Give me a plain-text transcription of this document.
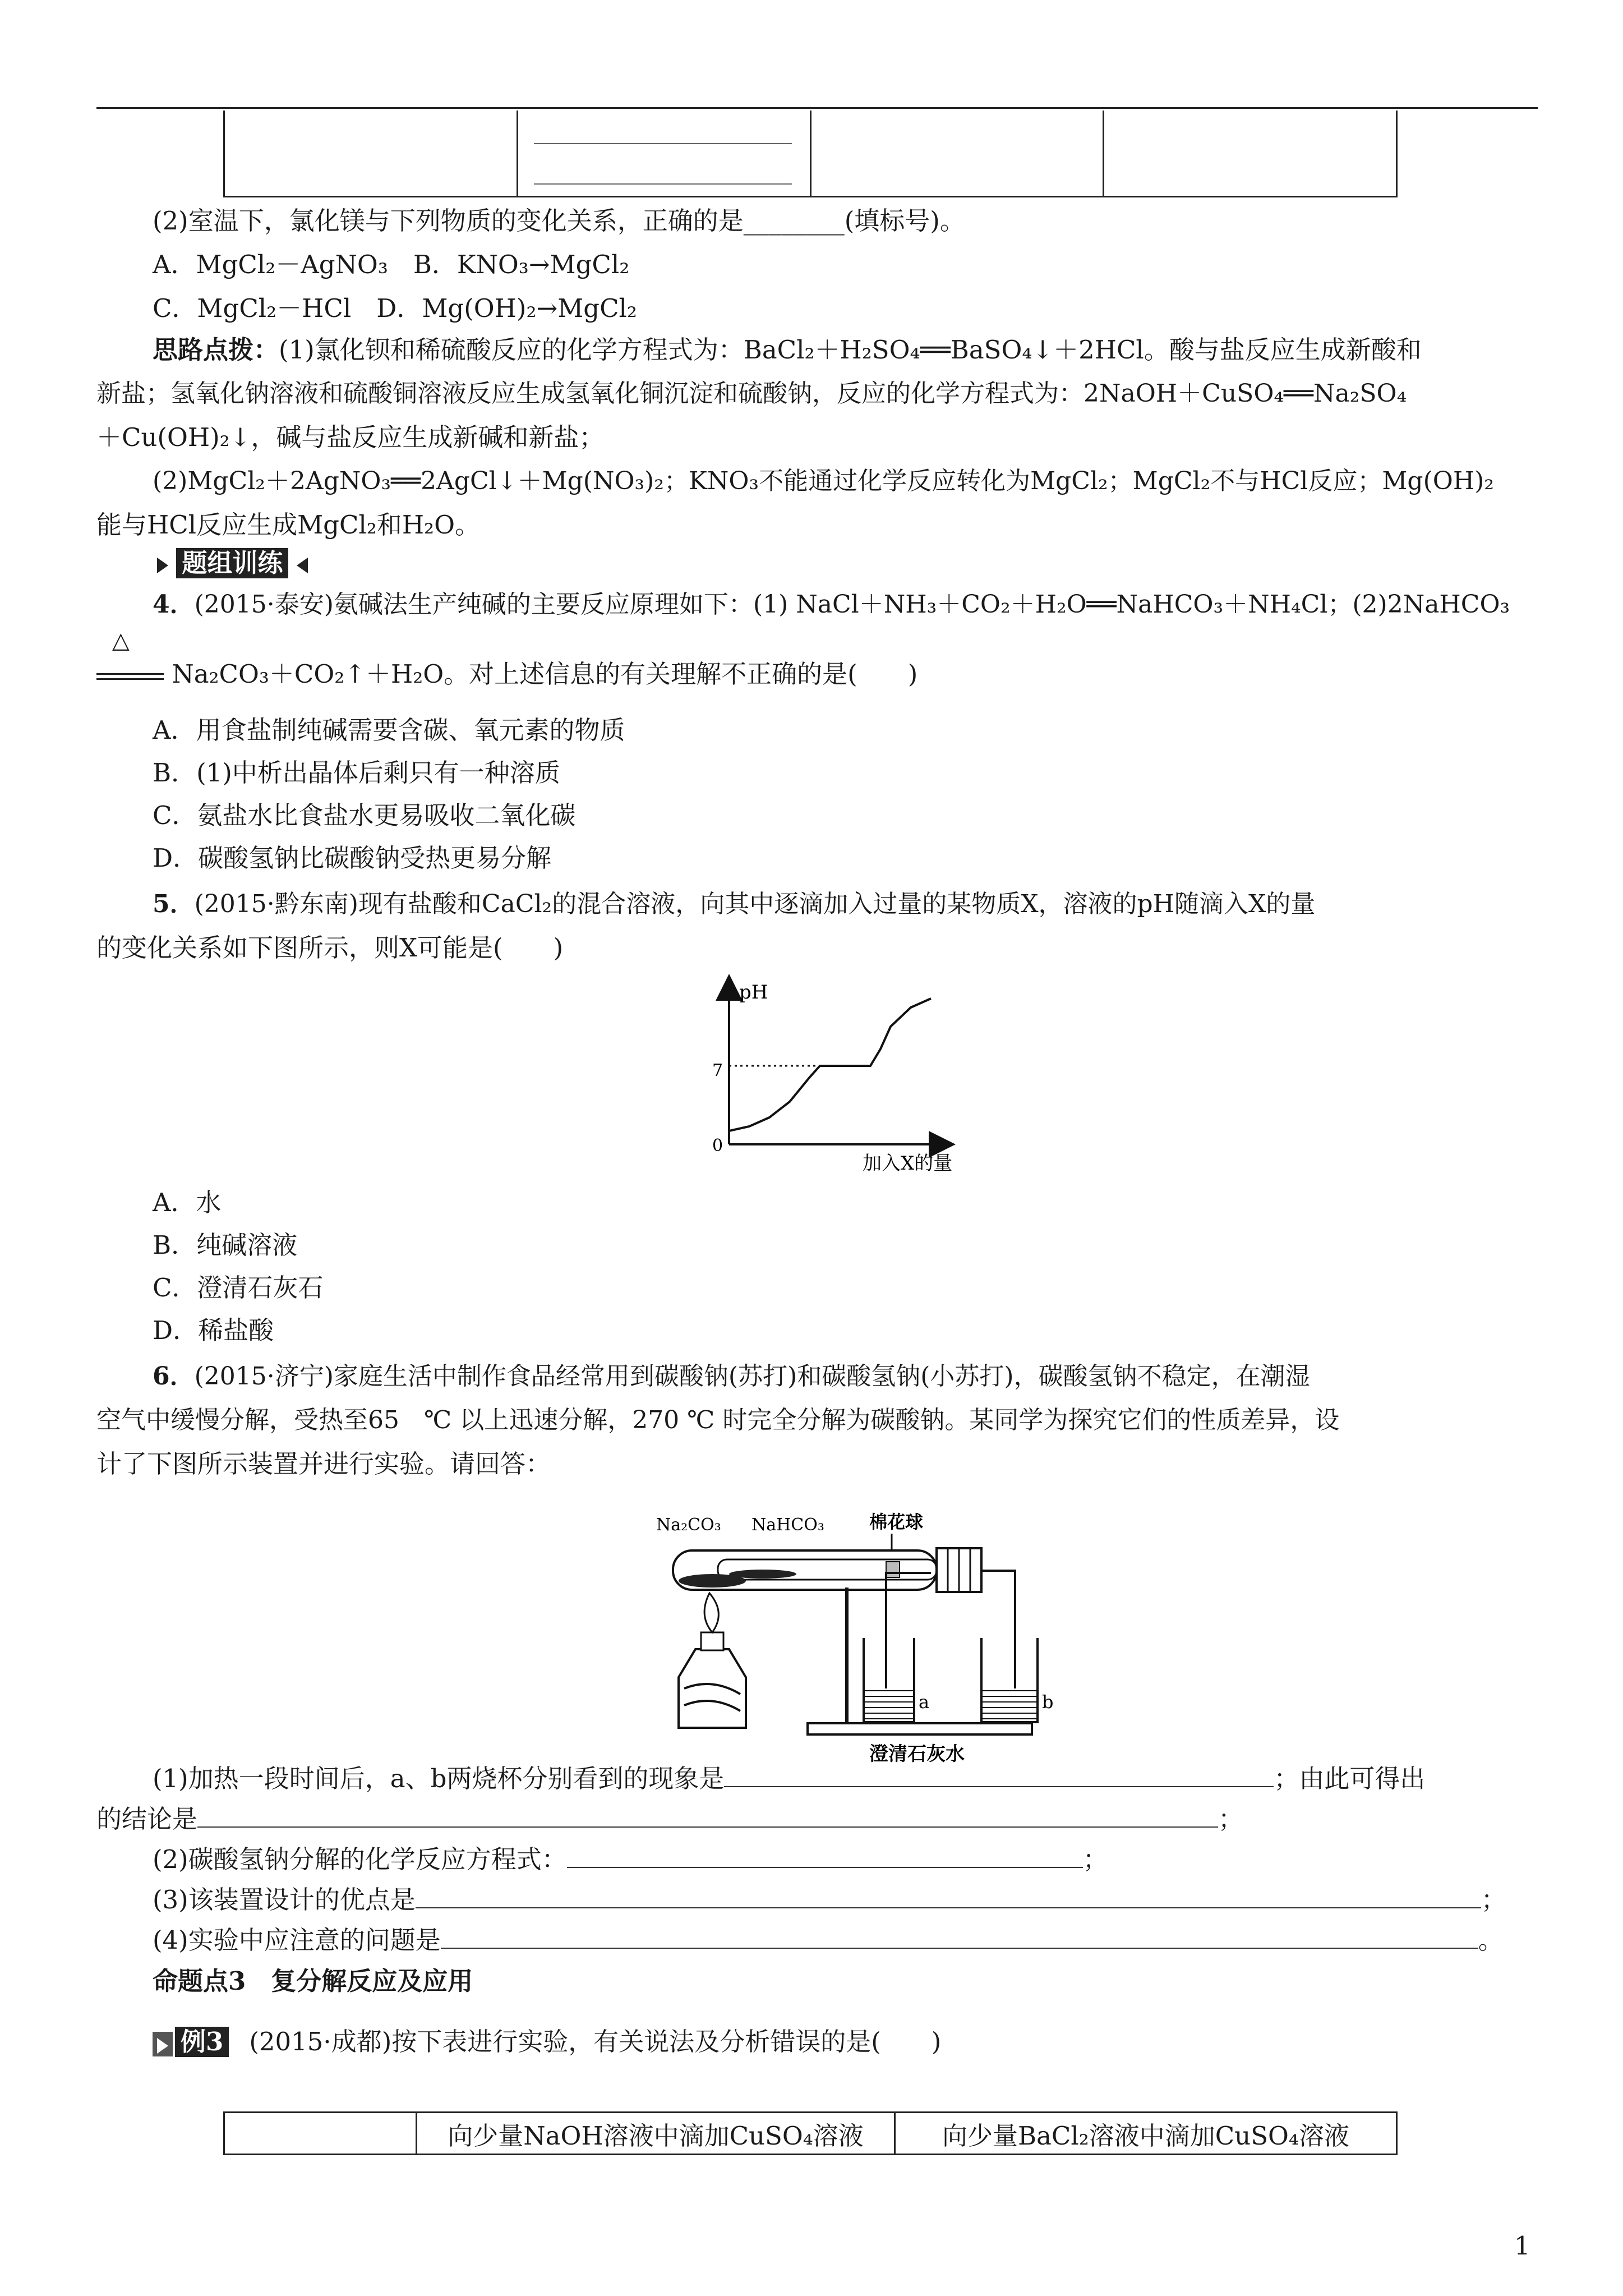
(2)室温下，氯化镁与下列物质的变化关系，正确的是________(填标号)。
A．MgCl₂－AgNO₃　B．KNO₃→MgCl₂
C．MgCl₂－HCl　D．Mg(OH)₂→MgCl₂
思路点拨：(1)氯化钡和稀硫酸反应的化学方程式为：BaCl₂＋H₂SO₄══BaSO₄↓＋2HCl。酸与盐反应生成新酸和
新盐；氢氧化钠溶液和硫酸铜溶液反应生成氢氧化铜沉淀和硫酸钠，反应的化学方程式为：2NaOH＋CuSO₄══Na₂SO₄
＋Cu(OH)₂↓，碱与盐反应生成新碱和新盐；
(2)MgCl₂＋2AgNO₃══2AgCl↓＋Mg(NO₃)₂；KNO₃不能通过化学反应转化为MgCl₂；MgCl₂不与HCl反应；Mg(OH)₂
能与HCl反应生成MgCl₂和H₂O。
题组训练
4．(2015·泰安)氨碱法生产纯碱的主要反应原理如下：(1) NaCl＋NH₃＋CO₂＋H₂O══NaHCO₃＋NH₄Cl；(2)2NaHCO₃
△
Na₂CO₃＋CO₂↑＋H₂O。对上述信息的有关理解不正确的是(　　)
A．用食盐制纯碱需要含碳、氧元素的物质
B．(1)中析出晶体后剩只有一种溶质
C．氨盐水比食盐水更易吸收二氧化碳
D．碳酸氢钠比碳酸钠受热更易分解
5．(2015·黔东南)现有盐酸和CaCl₂的混合溶液，向其中逐滴加入过量的某物质X，溶液的pH随滴入X的量
的变化关系如下图所示，则X可能是(　　)
pH
加入X的量
0
7
A．水
B．纯碱溶液
C．澄清石灰石
D．稀盐酸
6．(2015·济宁)家庭生活中制作食品经常用到碳酸钠(苏打)和碳酸氢钠(小苏打)，碳酸氢钠不稳定，在潮湿
空气中缓慢分解，受热至65　℃ 以上迅速分解，270 ℃ 时完全分解为碳酸钠。某同学为探究它们的性质差异，设
计了下图所示装置并进行实验。请回答：
Na₂CO₃ NaHCO₃	棉花球
a	b
澄清石灰水
(1)加热一段时间后，a、b两烧杯分别看到的现象是	；由此可得出
的结论是	；
(2)碳酸氢钠分解的化学反应方程式：	；
(3)该装置设计的优点是	；
(4)实验中应注意的问题是	。
命题点3　复分解反应及应用
例3 (2015·成都)按下表进行实验，有关说法及分析错误的是(　　)
	向少量NaOH溶液中滴加CuSO₄溶液	向少量BaCl₂溶液中滴加CuSO₄溶液
1
